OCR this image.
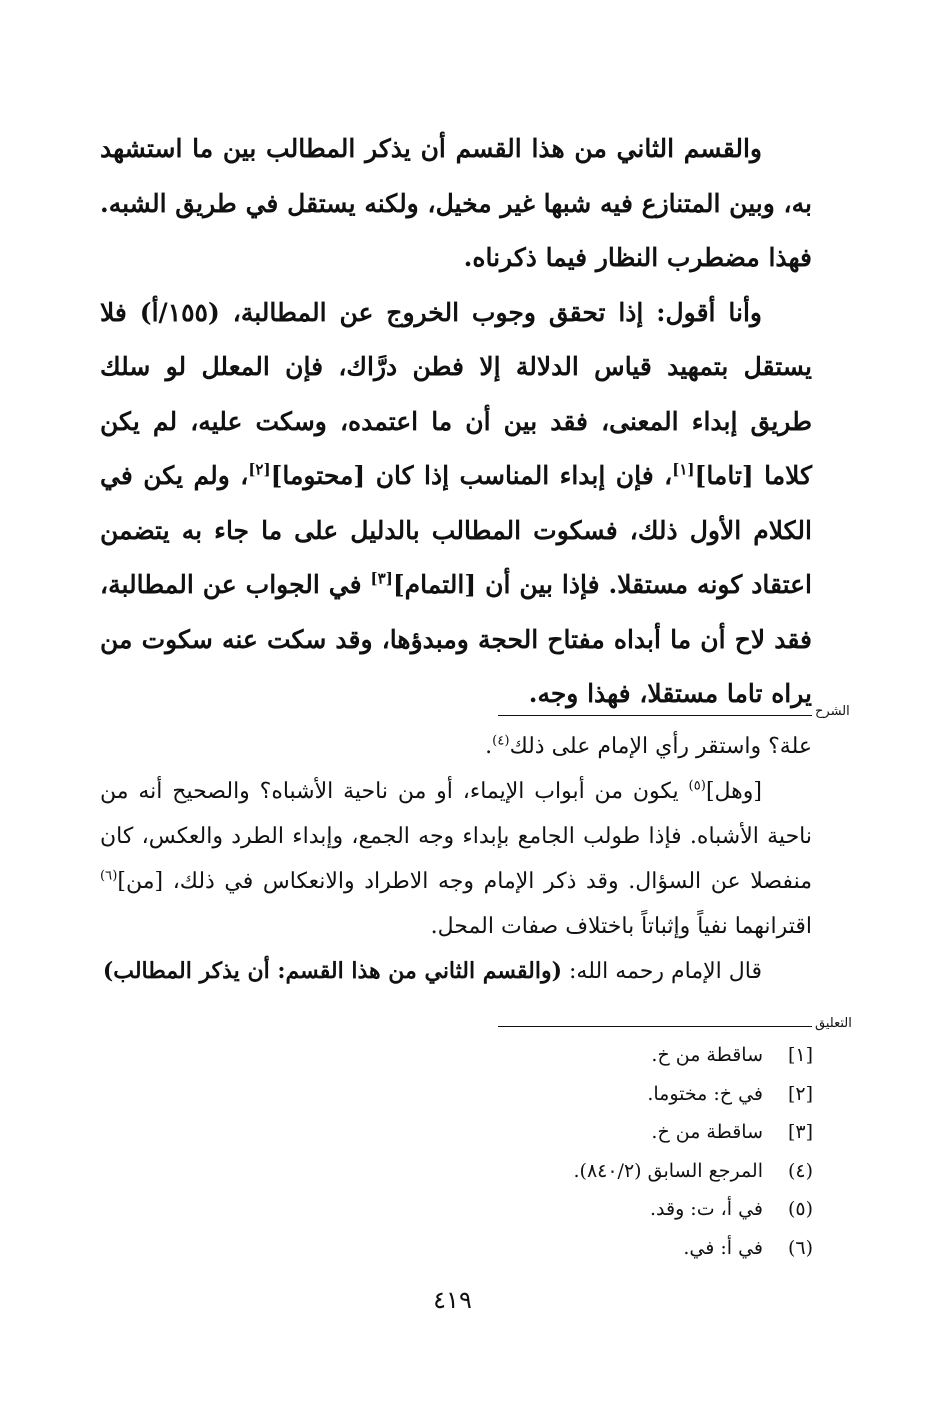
والقسم الثاني من هذا القسم أن يذكر المطالب بين ما استشهد به، وبين المتنازع فيه شبها غير مخيل، ولكنه يستقل في طريق الشبه. فهذا مضطرب النظار فيما ذكرناه.

وأنا أقول: إذا تحقق وجوب الخروج عن المطالبة، (١٥٥/أ) فلا يستقل بتمهيد قياس الدلالة إلا فطن درَّاك، فإن المعلل لو سلك طريق إبداء المعنى، فقد بين أن ما اعتمده، وسكت عليه، لم يكن كلاما [تاما][١]، فإن إبداء المناسب إذا كان [محتوما][٢]، ولم يكن في الكلام الأول ذلك، فسكوت المطالب بالدليل على ما جاء به يتضمن اعتقاد كونه مستقلا. فإذا بين أن [التمام][٣] في الجواب عن المطالبة، فقد لاح أن ما أبداه مفتاح الحجة ومبدؤها، وقد سكت عنه سكوت من يراه تاما مستقلا، فهذا وجه.

الشرح

علة؟ واستقر رأي الإمام على ذلك$^{(٤)}$.

[وهل]$^{(٥)}$ يكون من أبواب الإيماء، أو من ناحية الأشباه؟ والصحيح أنه من ناحية الأشباه. فإذا طولب الجامع بإبداء وجه الجمع، وإبداء الطرد والعكس، كان منفصلا عن السؤال. وقد ذكر الإمام وجه الاطراد والانعكاس في ذلك، [من]$^{(٦)}$ اقترانهما نفياً وإثباتاً باختلاف صفات المحل.

قال الإمام رحمه الله: (والقسم الثاني من هذا القسم: أن يذكر المطالب)

التعليق
[١]
ساقطة من خ.
[٢]
في خ: مختوما.
[٣]
ساقطة من خ.
(٤)
المرجع السابق (٨٤٠/٢).
(٥)
في أ، ت: وقد.
(٦)
في أ: في.
٤١٩
